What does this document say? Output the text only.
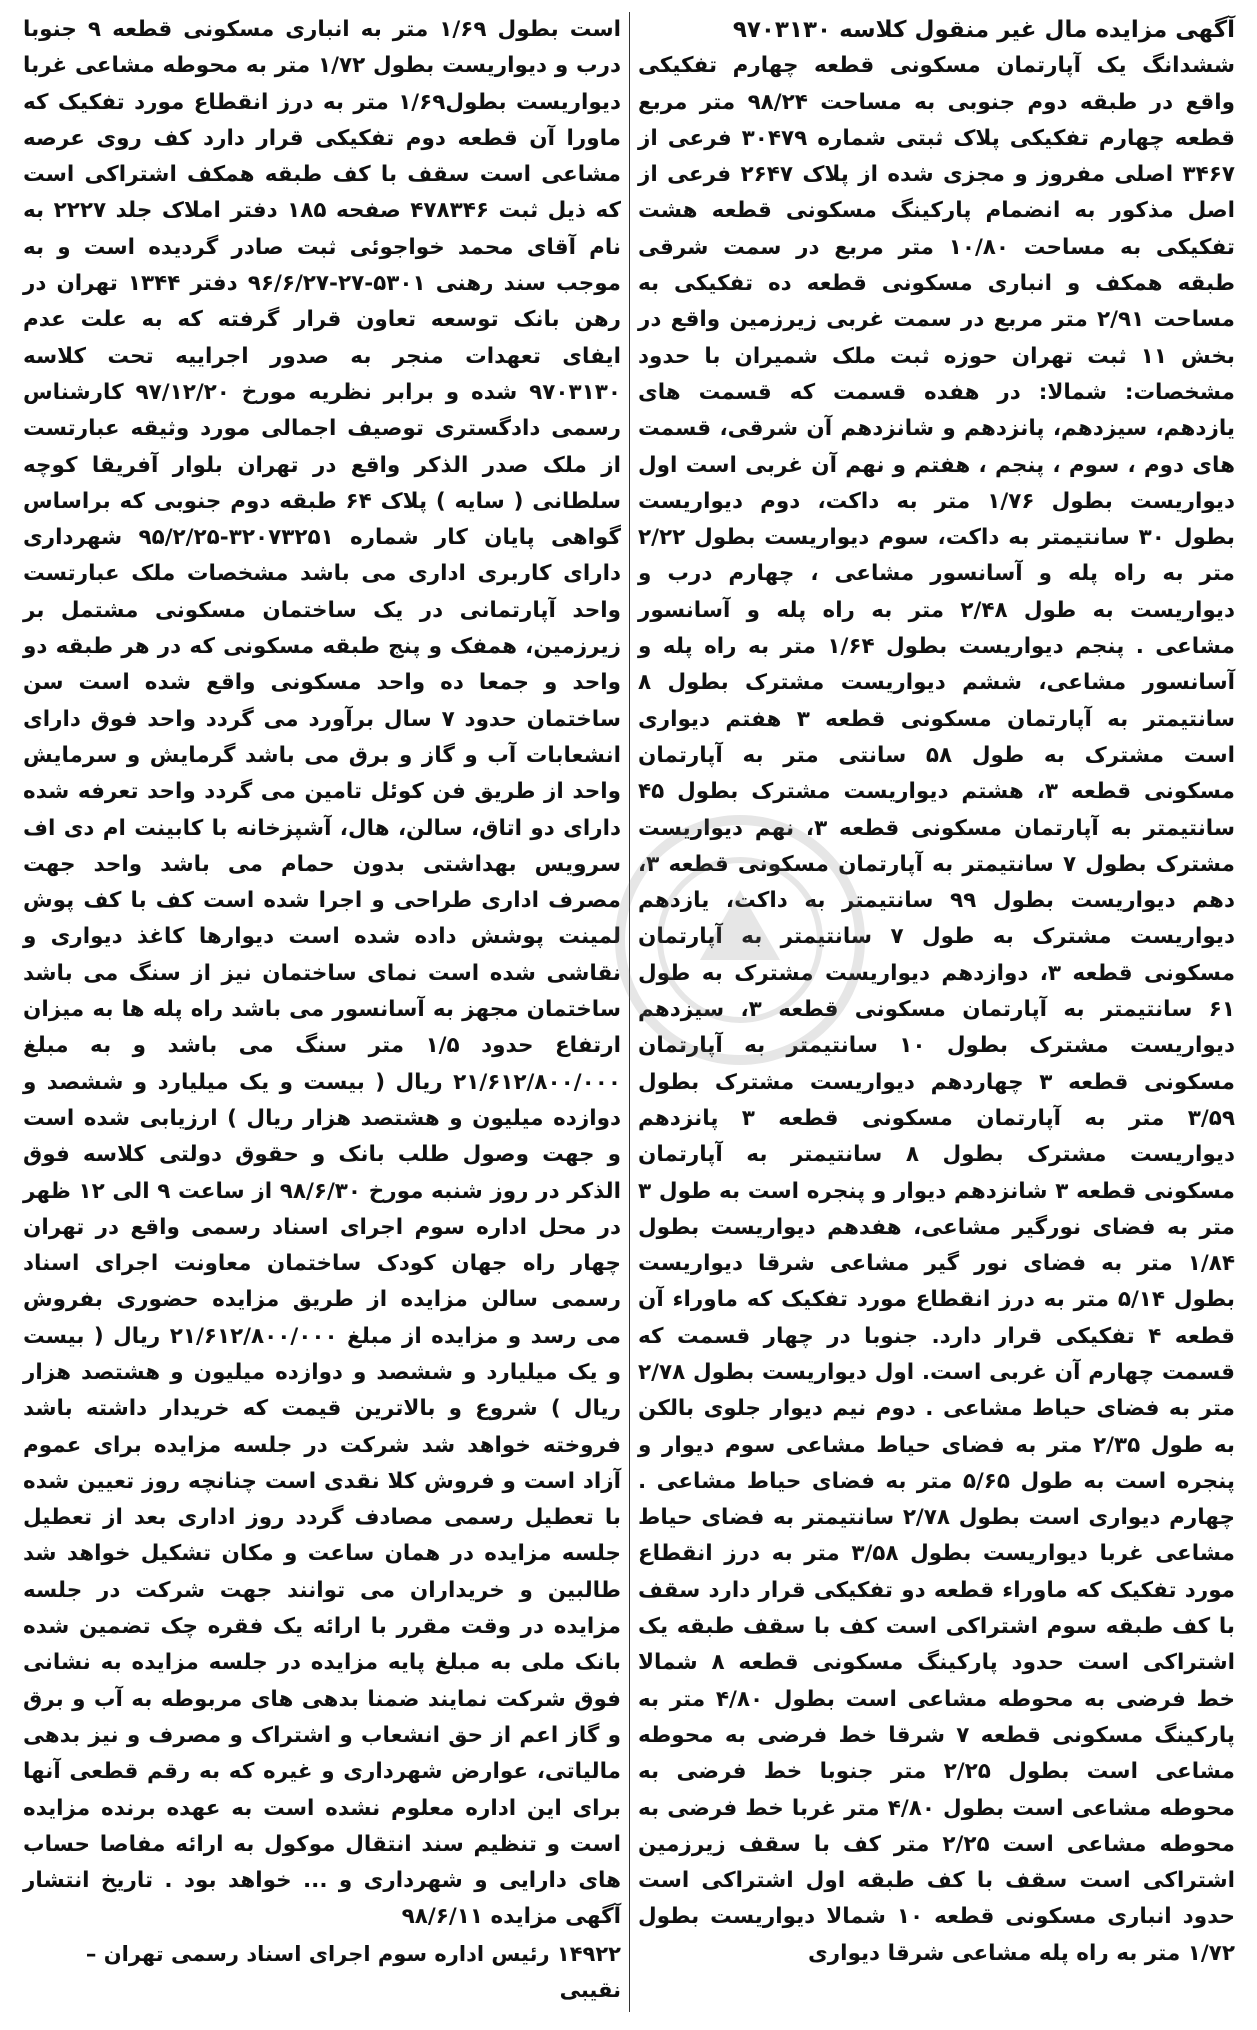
آگهی مزایده مال غیر منقول کلاسه ۹۷۰۳۱۳۰
ششدانگ یک آپارتمان مسکونی قطعه چهارم تفکیکی واقع در طبقه دوم جنوبی به مساحت ۹۸/۲۴ متر مربع قطعه چهارم تفکیکی پلاک ثبتی شماره ۳۰۴۷۹ فرعی از ۳۴۶۷ اصلی مفروز و مجزی شده از پلاک ۲۶۴۷ فرعی از اصل مذکور به انضمام پارکینگ مسکونی قطعه هشت تفکیکی به مساحت ۱۰/۸۰ متر مربع در سمت شرقی طبقه همکف و انباری مسکونی قطعه ده تفکیکی به مساحت ۲/۹۱ متر مربع در سمت غربی زیرزمین واقع در بخش ۱۱ ثبت تهران حوزه ثبت ملک شمیران با حدود مشخصات: شمالا: در هفده قسمت که قسمت های یازدهم، سیزدهم، پانزدهم و شانزدهم آن شرقی، قسمت های دوم ، سوم ، پنجم ، هفتم و نهم آن غربی است اول دیواریست بطول ۱/۷۶ متر به داکت، دوم دیواریست بطول ۳۰ سانتیمتر به داکت، سوم دیواریست بطول ۲/۲۲ متر به راه پله و آسانسور مشاعی ، چهارم درب و دیواریست به طول ۲/۴۸ متر به راه پله و آسانسور مشاعی . پنجم دیواریست بطول ۱/۶۴ متر به راه پله و آسانسور مشاعی، ششم دیواریست مشترک بطول ۸ سانتیمتر به آپارتمان مسکونی قطعه ۳ هفتم دیواری است مشترک به طول ۵۸ سانتی متر به آپارتمان مسکونی قطعه ۳، هشتم دیواریست مشترک بطول ۴۵ سانتیمتر به آپارتمان مسکونی قطعه ۳، نهم دیواریست مشترک بطول ۷ سانتیمتر به آپارتمان مسکونی قطعه ۳، دهم دیواریست بطول ۹۹ سانتیمتر به داکت، یازدهم دیواریست مشترک به طول ۷ سانتیمتر به آپارتمان مسکونی قطعه ۳، دوازدهم دیواریست مشترک به طول ۶۱ سانتیمتر به آپارتمان مسکونی قطعه ۳، سیزدهم دیواریست مشترک بطول ۱۰ سانتیمتر به آپارتمان مسکونی قطعه ۳ چهاردهم دیواریست مشترک بطول ۳/۵۹ متر به آپارتمان مسکونی قطعه ۳ پانزدهم دیواریست مشترک بطول ۸ سانتیمتر به آپارتمان مسکونی قطعه ۳ شانزدهم دیوار و پنجره است به طول ۳ متر به فضای نورگیر مشاعی، هفدهم دیواریست بطول ۱/۸۴ متر به فضای نور گیر مشاعی شرقا دیواریست بطول ۵/۱۴ متر به درز انقطاع مورد تفکیک که ماوراء آن قطعه ۴ تفکیکی قرار دارد. جنوبا در چهار قسمت که قسمت چهارم آن غربی است. اول دیواریست بطول ۲/۷۸ متر به فضای حیاط مشاعی . دوم نیم دیوار جلوی بالکن به طول ۲/۳۵ متر به فضای حیاط مشاعی سوم دیوار و پنجره است به طول ۵/۶۵ متر به فضای حیاط مشاعی . چهارم دیواری است بطول ۲/۷۸ سانتیمتر به فضای حیاط مشاعی غربا دیواریست بطول ۳/۵۸ متر به درز انقطاع مورد تفکیک که ماوراء قطعه دو تفکیکی قرار دارد سقف با کف طبقه سوم اشتراکی است کف با سقف طبقه یک اشتراکی است حدود پارکینگ مسکونی قطعه ۸ شمالا خط فرضی به محوطه مشاعی است بطول ۴/۸۰ متر به پارکینگ مسکونی قطعه ۷ شرقا خط فرضی به محوطه مشاعی است بطول ۲/۲۵ متر جنوبا خط فرضی به محوطه مشاعی است بطول ۴/۸۰ متر غربا خط فرضی به محوطه مشاعی است ۲/۲۵ متر کف با سقف زیرزمین اشتراکی است سقف با کف طبقه اول اشتراکی است حدود انباری مسکونی قطعه ۱۰ شمالا دیواریست بطول ۱/۷۲ متر به راه پله مشاعی شرقا دیواری
است بطول ۱/۶۹ متر به انباری مسکونی قطعه ۹ جنوبا درب و دیواریست بطول ۱/۷۲ متر به محوطه مشاعی غربا دیواریست بطول۱/۶۹ متر به درز انقطاع مورد تفکیک که ماورا آن قطعه دوم تفکیکی قرار دارد کف روی عرصه مشاعی است سقف با کف طبقه همکف اشتراکی است که ذیل ثبت ۴۷۸۳۴۶ صفحه ۱۸۵ دفتر املاک جلد ۲۲۲۷ به نام آقای محمد خواجوئی ثبت صادر گردیده است و به موجب سند رهنی ۵۳۰۱-۲۷-۹۶/۶/۲۷ دفتر ۱۳۴۴ تهران در رهن بانک توسعه تعاون قرار گرفته که به علت عدم ایفای تعهدات منجر به صدور اجراییه تحت کلاسه ۹۷۰۳۱۳۰ شده و برابر نظریه مورخ ۹۷/۱۲/۲۰ کارشناس رسمی دادگستری توصیف اجمالی مورد وثیقه عبارتست از ملک صدر الذکر واقع در تهران بلوار آفریقا کوچه سلطانی ( سایه ) پلاک ۶۴ طبقه دوم جنوبی که براساس گواهی پایان کار شماره ۳۲۰۷۳۲۵۱-۹۵/۲/۲۵ شهرداری دارای کاربری اداری می باشد مشخصات ملک عبارتست واحد آپارتمانی در یک ساختمان مسکونی مشتمل بر زیرزمین، همفک و پنج طبقه مسکونی که در هر طبقه دو واحد و جمعا ده واحد مسکونی واقع شده است سن ساختمان حدود ۷ سال برآورد می گردد واحد فوق دارای انشعابات آب و گاز و برق می باشد گرمایش و سرمایش واحد از طریق فن کوئل تامین می گردد واحد تعرفه شده دارای دو اتاق، سالن، هال، آشپزخانه با کابینت ام دی اف سرویس بهداشتی بدون حمام می باشد واحد جهت مصرف اداری طراحی و اجرا شده است کف با کف پوش لمینت پوشش داده شده است دیوارها کاغذ دیواری و نقاشی شده است نمای ساختمان نیز از سنگ می باشد ساختمان مجهز به آسانسور می باشد راه پله ها به میزان ارتفاع حدود ۱/۵ متر سنگ می باشد و به مبلغ ۲۱/۶۱۲/۸۰۰/۰۰۰ ریال ( بیست و یک میلیارد و ششصد و دوازده میلیون و هشتصد هزار ریال ) ارزیابی شده است و جهت وصول طلب بانک و حقوق دولتی کلاسه فوق الذکر در روز شنبه مورخ ۹۸/۶/۳۰ از ساعت ۹ الی ۱۲ ظهر در محل اداره سوم اجرای اسناد رسمی واقع در تهران چهار راه جهان کودک ساختمان معاونت اجرای اسناد رسمی سالن مزایده از طریق مزایده حضوری بفروش می رسد و مزایده از مبلغ ۲۱/۶۱۲/۸۰۰/۰۰۰ ریال ( بیست و یک میلیارد و ششصد و دوازده میلیون و هشتصد هزار ریال ) شروع و بالاترین قیمت که خریدار داشته باشد فروخته خواهد شد شرکت در جلسه مزایده برای عموم آزاد است و فروش کلا نقدی است چنانچه روز تعیین شده با تعطیل رسمی مصادف گردد روز اداری بعد از تعطیل جلسه مزایده در همان ساعت و مکان تشکیل خواهد شد طالبین و خریداران می توانند جهت شرکت در جلسه مزایده در وقت مقرر با ارائه یک فقره چک تضمین شده بانک ملی به مبلغ پایه مزایده در جلسه مزایده به نشانی فوق شرکت نمایند ضمنا بدهی های مربوطه به آب و برق و گاز اعم از حق انشعاب و اشتراک و مصرف و نیز بدهی مالیاتی، عوارض شهرداری و غیره که به رقم قطعی آنها برای این اداره معلوم نشده است به عهده برنده مزایده است و تنظیم سند انتقال موکول به ارائه مفاصا حساب های دارایی و شهرداری و ... خواهد بود . تاریخ انتشار آگهی مزایده ۹۸/۶/۱۱
۱۴۹۲۲ رئیس اداره سوم اجرای اسناد رسمی تهران – نقیبی
